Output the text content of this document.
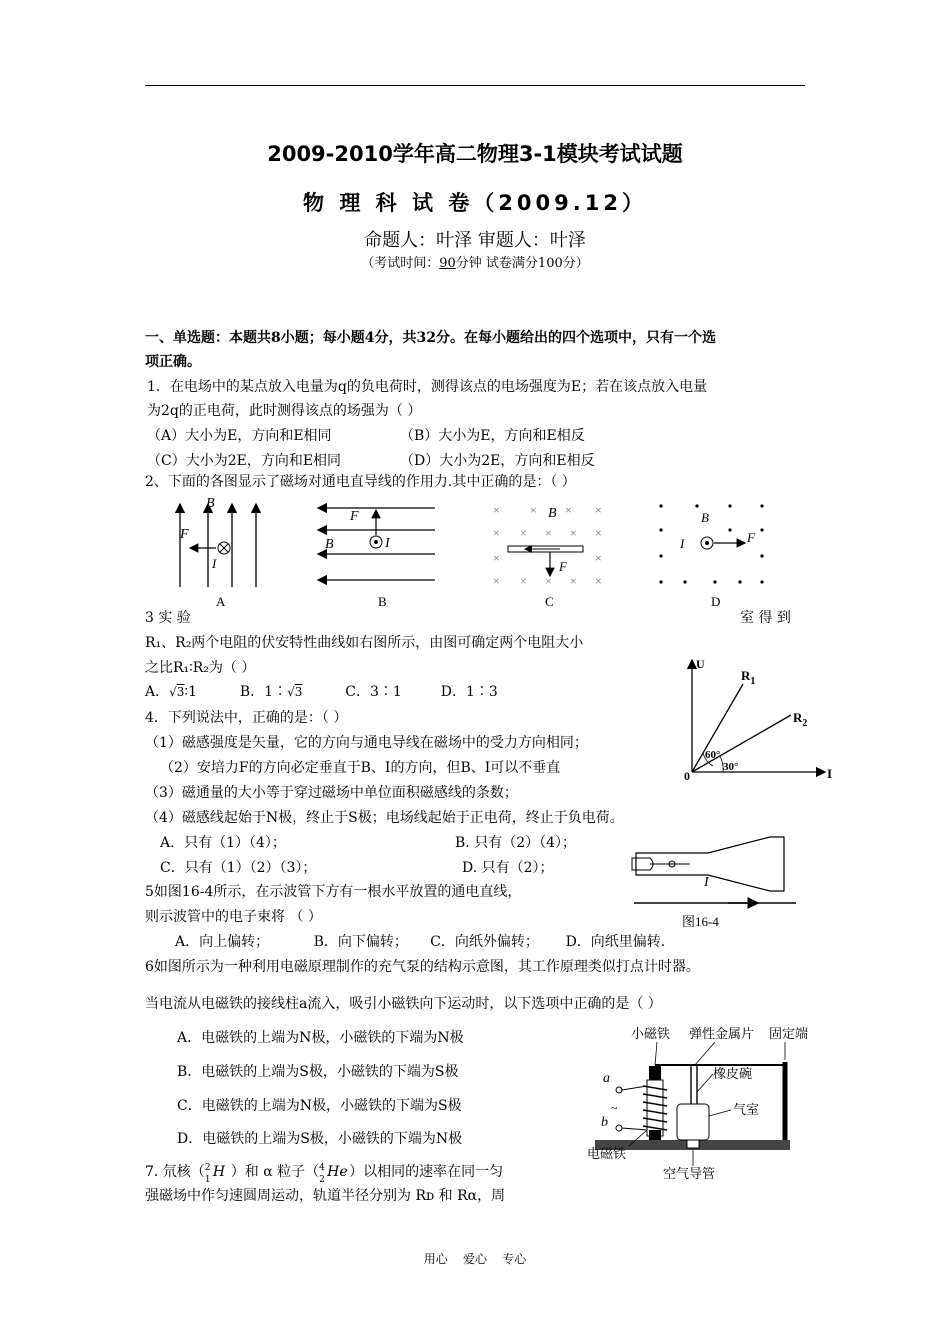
2009-2010学年高二物理3-1模块考试试题
物 理 科 试 卷（2009.12）
命题人：叶泽 审题人：叶泽
（考试时间：90分钟 试卷满分100分）
一、单选题：本题共8小题；每小题4分，共32分。在每小题给出的四个选项中，只有一个选
项正确。
1．在电场中的某点放入电量为q的负电荷时，测得该点的电场强度为E；若在该点放入电量
为2q的正电荷，此时测得该点的场强为（ ）
（A）大小为E，方向和E相同	（B）大小为E，方向和E相反
（C）大小为2E，方向和E相同	（D）大小为2E，方向和E相反
2、下面的各图显示了磁场对通电直导线的作用力.其中正确的是：（ ）
B
F
I
A
F
B	I
B
×	× × ×
× × × × ×
×	×
× × × × ×
B
F
C
B
I	F
D
3 实 验	室 得 到
R₁、R₂两个电阻的伏安特性曲线如右图所示，由图可确定两个电阻大小
之比R₁∶R₂为（ ）
A．√3∶1	B．1∶√3	C．3∶1	D．1∶3
U
I
0
$R_1$
$R_2$
60°
30°
4．下列说法中，正确的是：（ ）
（1）磁感强度是矢量，它的方向与通电导线在磁场中的受力方向相同；
（2）安培力F的方向必定垂直于B、I的方向，但B、I可以不垂直
（3）磁通量的大小等于穿过磁场中单位面积磁感线的条数；
（4）磁感线起始于N极，终止于S极；电场线起始于正电荷，终止于负电荷。
A．只有（1）（4）；	B. 只有（2）（4）；
C．只有（1）（2）（3）；	D. 只有（2）；
5如图16-4所示，在示波管下方有一根水平放置的通电直线，
则示波管中的电子束将 （ ）
A．向上偏转；          B．向下偏转；     C．向纸外偏转；      D．向纸里偏转.
I
图16-4
6如图所示为一种利用电磁原理制作的充气泵的结构示意图，其工作原理类似打点计时器。
当电流从电磁铁的接线柱a流入，吸引小磁铁向下运动时，以下选项中正确的是（ ）
A．电磁铁的上端为N极，小磁铁的下端为N极
B．电磁铁的上端为S极，小磁铁的下端为S极
C．电磁铁的上端为N极，小磁铁的下端为S极
D．电磁铁的上端为S极，小磁铁的下端为N极
小磁铁 弹性金属片 固定端
~
a
b
橡皮碗
气室
电磁铁
空气导管
7. 氘核（ 2
1 H ）和 α 粒子（ 4
2 He ）以相同的速率在同一匀
强磁场中作匀速圆周运动，轨道半径分别为 Rᴅ 和 Rα，周
用心    爱心    专心
